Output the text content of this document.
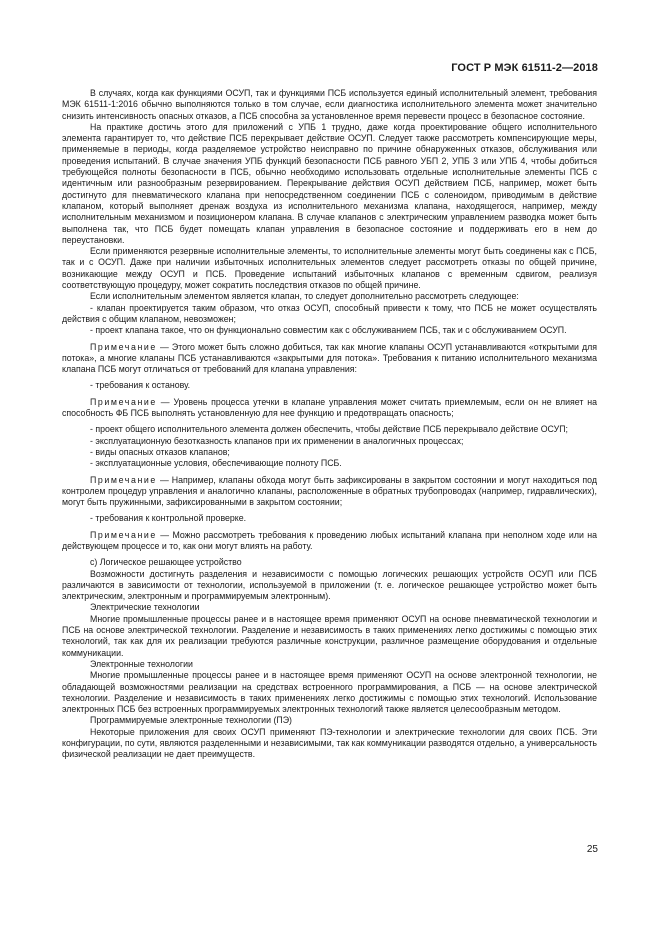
ГОСТ Р МЭК 61511-2—2018

В случаях, когда как функциями ОСУП, так и функциями ПСБ используется единый исполнительный элемент, требования МЭК 61511-1:2016 обычно выполняются только в том случае, если диагностика исполнительного элемента может значительно снизить интенсивность опасных отказов, а ПСБ способна за установленное время перевести процесс в безопасное состояние.

На практике достичь этого для приложений с УПБ 1 трудно, даже когда проектирование общего исполнительного элемента гарантирует то, что действие ПСБ перекрывает действие ОСУП. Следует также рассмотреть компенсирующие меры, применяемые в периоды, когда разделяемое устройство неисправно по причине обнаруженных отказов, обслуживания или проведения испытаний. В случае значения УПБ функций безопасности ПСБ равного УБП 2, УПБ 3 или УПБ 4, чтобы добиться требующейся полноты безопасности в ПСБ, обычно необходимо использовать отдельные исполнительные элементы ПСБ с идентичным или разнообразным резервированием. Перекрывание действия ОСУП действием ПСБ, например, может быть достигнуто для пневматического клапана при непосредственном соединении ПСБ с соленоидом, приводимым в действие клапаном, который выполняет дренаж воздуха из исполнительного механизма клапана, находящегося, например, между исполнительным механизмом и позиционером клапана. В случае клапанов с электрическим управлением разводка может быть выполнена так, что ПСБ будет помещать клапан управления в безопасное состояние и поддерживать его в нем до переустановки.

Если применяются резервные исполнительные элементы, то исполнительные элементы могут быть соединены как с ПСБ, так и с ОСУП. Даже при наличии избыточных исполнительных элементов следует рассмотреть отказы по общей причине, возникающие между ОСУП и ПСБ. Проведение испытаний избыточных клапанов с временным сдвигом, реализуя соответствующую процедуру, может сократить последствия отказов по общей причине.

Если исполнительным элементом является клапан, то следует дополнительно рассмотреть следующее:

- клапан проектируется таким образом, что отказ ОСУП, способный привести к тому, что ПСБ не может осуществлять действия с общим клапаном, невозможен;

- проект клапана такое, что он функционально совместим как с обслуживанием ПСБ, так и с обслуживанием ОСУП.

Примечание — Этого может быть сложно добиться, так как многие клапаны ОСУП устанавливаются «открытыми для потока», а многие клапаны ПСБ устанавливаются «закрытыми для потока». Требования к питанию исполнительного механизма клапана ПСБ могут отличаться от требований для клапана управления:

- требования к останову.

Примечание — Уровень процесса утечки в клапане управления может считать приемлемым, если он не влияет на способность ФБ ПСБ выполнять установленную для нее функцию и предотвращать опасность;

- проект общего исполнительного элемента должен обеспечить, чтобы действие ПСБ перекрывало действие ОСУП;

- эксплуатационную безотказность клапанов при их применении в аналогичных процессах;

- виды опасных отказов клапанов;

- эксплуатационные условия, обеспечивающие полноту ПСБ.

Примечание — Например, клапаны обхода могут быть зафиксированы в закрытом состоянии и могут находиться под контролем процедур управления и аналогично клапаны, расположенные в обратных трубопроводах (например, гидравлических), могут быть пружинными, зафиксированными в закрытом состоянии;

- требования к контрольной проверке.

Примечание — Можно рассмотреть требования к проведению любых испытаний клапана при неполном ходе или на действующем процессе и то, как они могут влиять на работу.

с) Логическое решающее устройство

Возможности достигнуть разделения и независимости с помощью логических решающих устройств ОСУП или ПСБ различаются в зависимости от технологии, используемой в приложении (т. е. логическое решающее устройство может быть электрическим, электронным и программируемым электронным).

Электрические технологии

Многие промышленные процессы ранее и в настоящее время применяют ОСУП на основе пневматической технологии и ПСБ на основе электрической технологии. Разделение и независимость в таких применениях легко достижимы с помощью этих технологий, так как для их реализации требуются различные конструкции, различное размещение оборудования и отдельные коммуникации.

Электронные технологии

Многие промышленные процессы ранее и в настоящее время применяют ОСУП на основе электронной технологии, не обладающей возможностями реализации на средствах встроенного программирования, а ПСБ — на основе электрической технологии. Разделение и независимость в таких применениях легко достижимы с помощью этих технологий. Использование электронных ПСБ без встроенных программируемых электронных технологий также является целесообразным методом.

Программируемые электронные технологии (ПЭ)

Некоторые приложения для своих ОСУП применяют ПЭ-технологии и электрические технологии для своих ПСБ. Эти конфигурации, по сути, являются разделенными и независимыми, так как коммуникации разводятся отдельно, а универсальность физической реализации не дает преимуществ.

25
